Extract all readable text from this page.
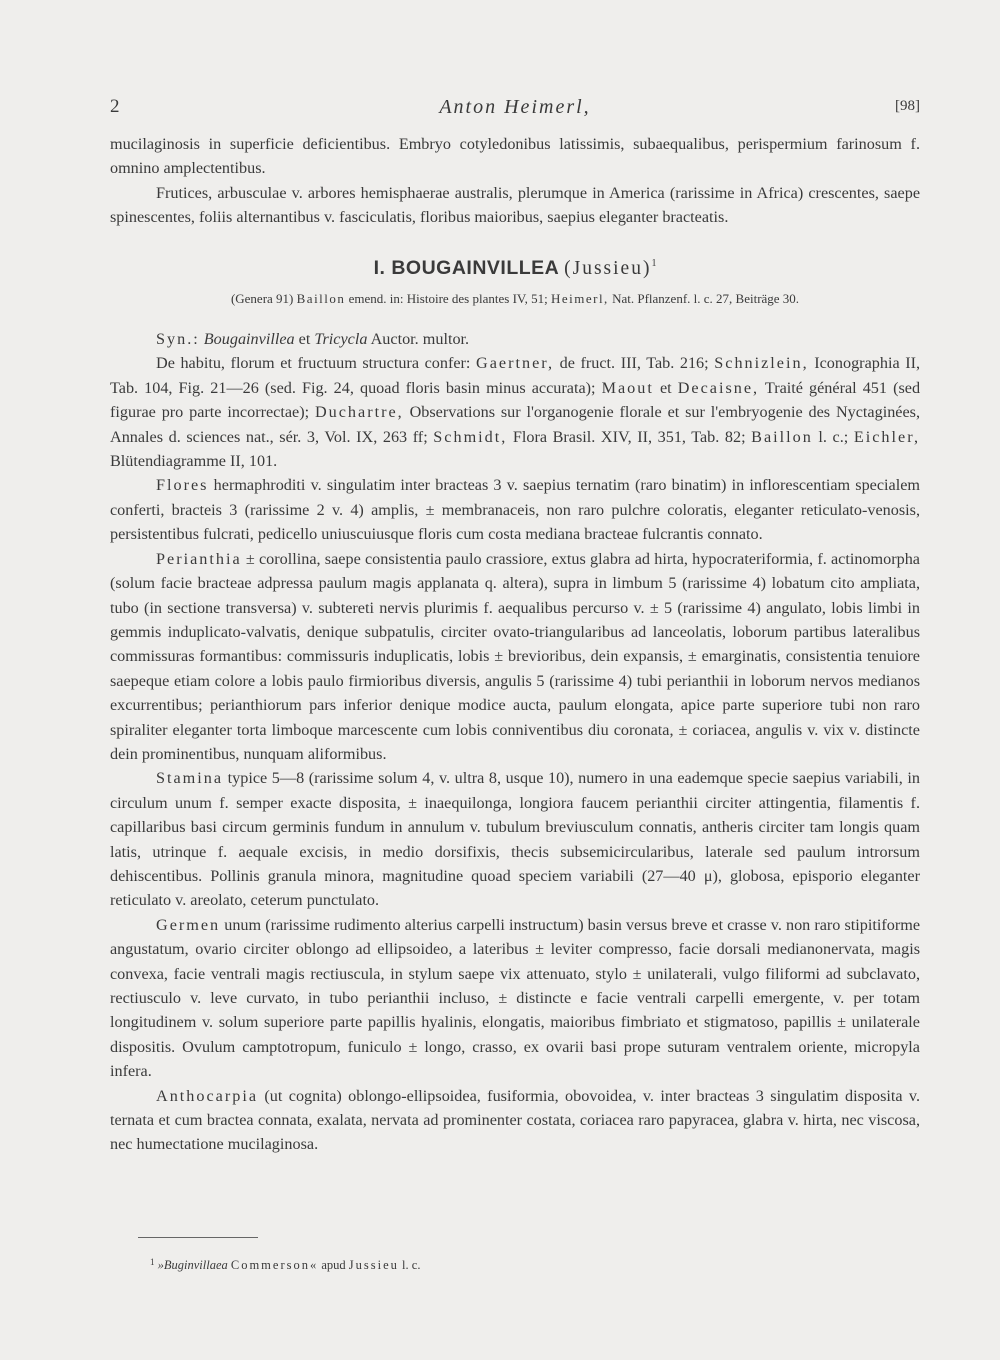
2	Anton Heimerl,	[98]

mucilaginosis in superficie deficientibus. Embryo cotyledonibus latissimis, subaequalibus, perispermium farinosum f. omnino amplectentibus.

Frutices, arbusculae v. arbores hemisphaerae australis, plerumque in America (rarissime in Africa) crescentes, saepe spinescentes, foliis alternantibus v. fasciculatis, floribus maioribus, saepius eleganter bracteatis.

I. BOUGAINVILLEA (Jussieu)$^1$
(Genera 91) Baillon emend. in: Histoire des plantes IV, 51; Heimerl, Nat. Pflanzenf. l. c. 27, Beiträge 30.

Syn.: Bougainvillea et Tricycla Auctor. multor.

De habitu, florum et fructuum structura confer: Gaertner, de fruct. III, Tab. 216; Schnizlein, Iconographia II, Tab. 104, Fig. 21—26 (sed. Fig. 24, quoad floris basin minus accurata); Maout et Decaisne, Traité général 451 (sed figurae pro parte incorrectae); Duchartre, Observations sur l'organogenie florale et sur l'embryogenie des Nyctaginées, Annales d. sciences nat., sér. 3, Vol. IX, 263 ff; Schmidt, Flora Brasil. XIV, II, 351, Tab. 82; Baillon l. c.; Eichler, Blütendiagramme II, 101.

Flores hermaphroditi v. singulatim inter bracteas 3 v. saepius ternatim (raro binatim) in inflorescentiam specialem conferti, bracteis 3 (rarissime 2 v. 4) amplis, ± membranaceis, non raro pulchre coloratis, eleganter reticulato-venosis, persistentibus fulcrati, pedicello uniuscuiusque floris cum costa mediana bracteae fulcrantis connato.

Perianthia ± corollina, saepe consistentia paulo crassiore, extus glabra ad hirta, hypocrateriformia, f. actinomorpha (solum facie bracteae adpressa paulum magis applanata q. altera), supra in limbum 5 (rarissime 4) lobatum cito ampliata, tubo (in sectione transversa) v. subtereti nervis plurimis f. aequalibus percurso v. ± 5 (rarissime 4) angulato, lobis limbi in gemmis induplicato-valvatis, denique subpatulis, circiter ovato-triangularibus ad lanceolatis, loborum partibus lateralibus commissuras formantibus: commissuris induplicatis, lobis ± brevioribus, dein expansis, ± emarginatis, consistentia tenuiore saepeque etiam colore a lobis paulo firmioribus diversis, angulis 5 (rarissime 4) tubi perianthii in loborum nervos medianos excurrentibus; perianthiorum pars inferior denique modice aucta, paulum elongata, apice parte superiore tubi non raro spiraliter eleganter torta limboque marcescente cum lobis conniventibus diu coronata, ± coriacea, angulis v. vix v. distincte dein prominentibus, nunquam aliformibus.

Stamina typice 5—8 (rarissime solum 4, v. ultra 8, usque 10), numero in una eademque specie saepius variabili, in circulum unum f. semper exacte disposita, ± inaequilonga, longiora faucem perianthii circiter attingentia, filamentis f. capillaribus basi circum germinis fundum in annulum v. tubulum breviusculum connatis, antheris circiter tam longis quam latis, utrinque f. aequale excisis, in medio dorsifixis, thecis subsemicircularibus, laterale sed paulum introrsum dehiscentibus. Pollinis granula minora, magnitudine quoad speciem variabili (27—40 μ), globosa, episporio eleganter reticulato v. areolato, ceterum punctulato.

Germen unum (rarissime rudimento alterius carpelli instructum) basin versus breve et crasse v. non raro stipitiforme angustatum, ovario circiter oblongo ad ellipsoideo, a lateribus ± leviter compresso, facie dorsali medianonervata, magis convexa, facie ventrali magis rectiuscula, in stylum saepe vix attenuato, stylo ± unilaterali, vulgo filiformi ad subclavato, rectiusculo v. leve curvato, in tubo perianthii incluso, ± distincte e facie ventrali carpelli emergente, v. per totam longitudinem v. solum superiore parte papillis hyalinis, elongatis, maioribus fimbriato et stigmatoso, papillis ± unilaterale dispositis. Ovulum camptotropum, funiculo ± longo, crasso, ex ovarii basi prope suturam ventralem oriente, micropyla infera.

Anthocarpia (ut cognita) oblongo-ellipsoidea, fusiformia, obovoidea, v. inter bracteas 3 singulatim disposita v. ternata et cum bractea connata, exalata, nervata ad prominenter costata, coriacea raro papyracea, glabra v. hirta, nec viscosa, nec humectatione mucilaginosa.

$^1$ »Buginvillaea Commerson« apud Jussieu l. c.
